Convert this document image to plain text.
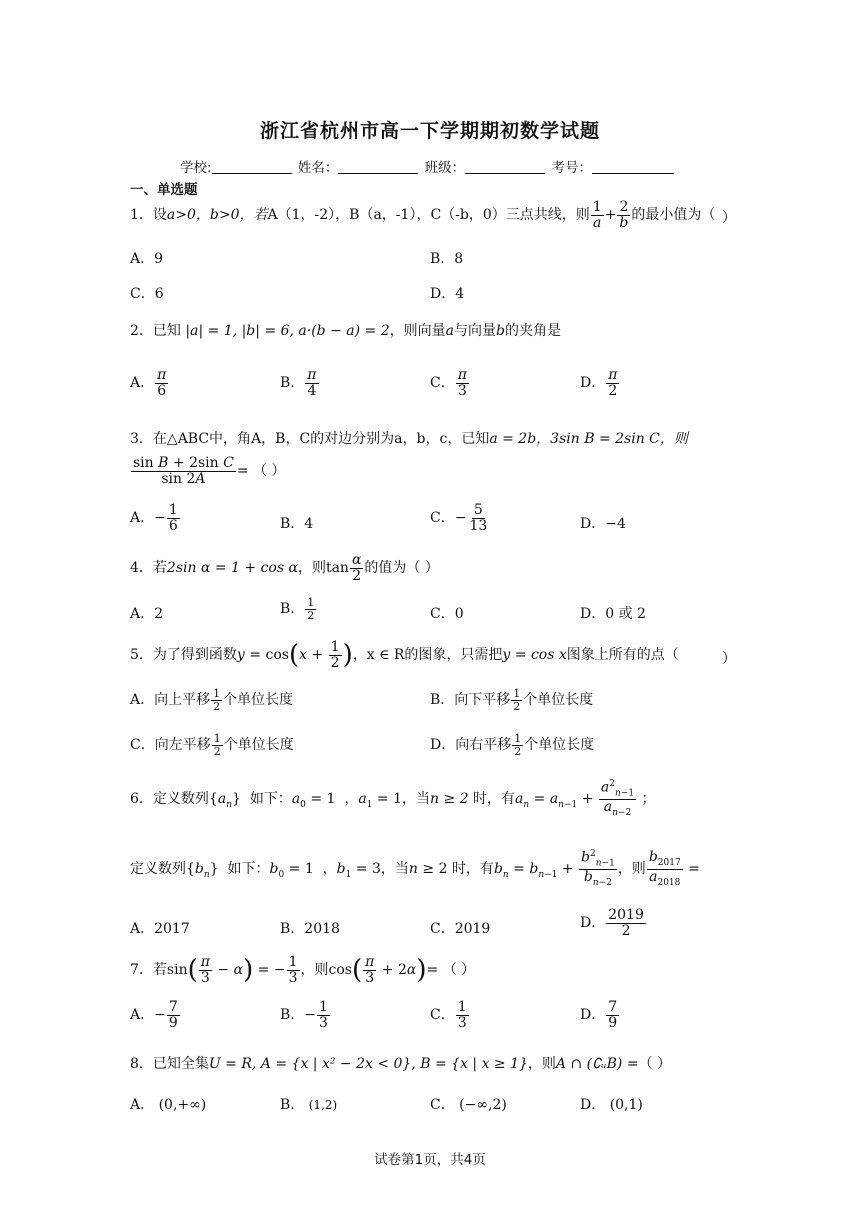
浙江省杭州市高一下学期期初数学试题
学校:	姓名：	班级：	考号：
一、单选题
1．设a>0，b>0，若A（1，-2），B（a，-1），C（-b，0）三点共线，则 $\frac{1}{a} + \frac{2}{b}$ 的最小值为（ ）
A．9	B．8
C．6	D．4
2．已知 |a| = 1, |b| = 6, a·(b − a) = 2，则向量a与向量b的夹角是
A． $\frac{\pi}{6}$	B． $\frac{\pi}{4}$	C． $\frac{\pi}{3}$	D． $\frac{\pi}{2}$
3．在△ABC中，角A，B，C的对边分别为a，b，c，已知a = 2b，3sin B = 2sin C，则
$\frac{\text{sin B + 2sin C}}{\sin 2A}$ = （ ）
A．− $\frac{1}{6}$	B．4	C．− $\frac{5}{13}$	D．−4
4．若2sin α = 1 + cos α，则$\tan \frac{\alpha}{2}$ 的值为（ ）
A．2	B． $\frac{1}{2}$	C．0	D．0 或 2
5．为了得到函数$y = \cos(x + \frac{1}{2}$ )，x ∈ R的图象，只需把y = cos x图象上所有的点（	）
A．向上平移 $\frac{1}{2}$ 个单位长度	B．向下平移 $\frac{1}{2}$ 个单位长度
C．向左平移 $\frac{1}{2}$ 个单位长度	D．向右平移 $\frac{1}{2}$ 个单位长度
6．定义数列$\{a_n\}$  如下：$a_0 = 1$  ，$a_1 = 1$，当n ≥ 2 时，有$a_n = a_{n-1} + \frac{a^2_{n-1}}{a_{n-2}}$ ；
定义数列$\{b_n\}$  如下：$b_0 = 1$  ，$b_1 = 3$，当n ≥ 2 时，有$b_n = b_{n-1} + \frac{b^2_{n-1}}{b_{n-2}}$ ，则 $\frac{b_{2017}}{a_{2018}}$ =
A．2017	B．2018	C．2019	D． $\frac{2019}{2}$
7．若$\sin( \frac{\pi}{3} - \alpha)$ = − $\frac{1}{3}$ ，则$\cos( \frac{\pi}{3} + 2\alpha)=$ （ ）
A．− $\frac{7}{9}$	B．− $\frac{1}{3}$	C． $\frac{1}{3}$	D． $\frac{7}{9}$
8．已知全集U = R, A = {x | x² − 2x < 0}, B = {x | x ≥ 1}，则A ∩ (∁ᵤB) =（ ）
A． (0,+∞)	B． (1,2)	C． (−∞,2)	D． (0,1)
试卷第1页，共4页
